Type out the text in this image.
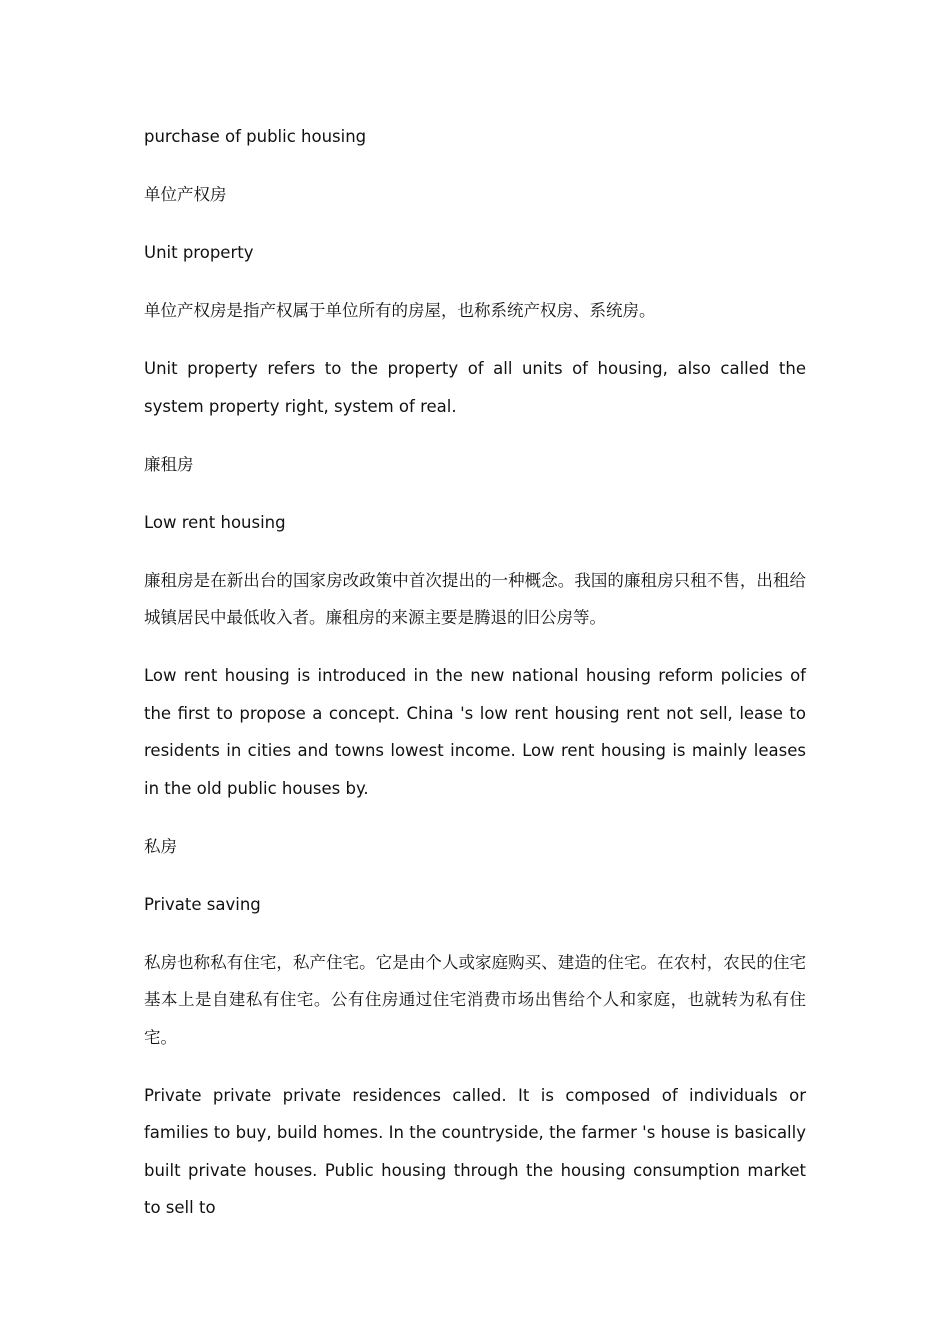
purchase of public housing

单位产权房

Unit property

单位产权房是指产权属于单位所有的房屋，也称系统产权房、系统房。

Unit property refers to the property of all units of housing, also called the system property right, system of real.

廉租房

Low rent housing

廉租房是在新出台的国家房改政策中首次提出的一种概念。我国的廉租房只租不售，出租给城镇居民中最低收入者。廉租房的来源主要是腾退的旧公房等。

Low rent housing is introduced in the new national housing reform policies of the first to propose a concept. China 's low rent housing rent not sell, lease to residents in cities and towns lowest income. Low rent housing is mainly leases in the old public houses by.

私房

Private saving

私房也称私有住宅，私产住宅。它是由个人或家庭购买、建造的住宅。在农村，农民的住宅基本上是自建私有住宅。公有住房通过住宅消费市场出售给个人和家庭，也就转为私有住宅。

Private private private residences called. It is composed of individuals or families to buy, build homes. In the countryside, the farmer 's house is basically built private houses. Public housing through the housing consumption market to sell to
